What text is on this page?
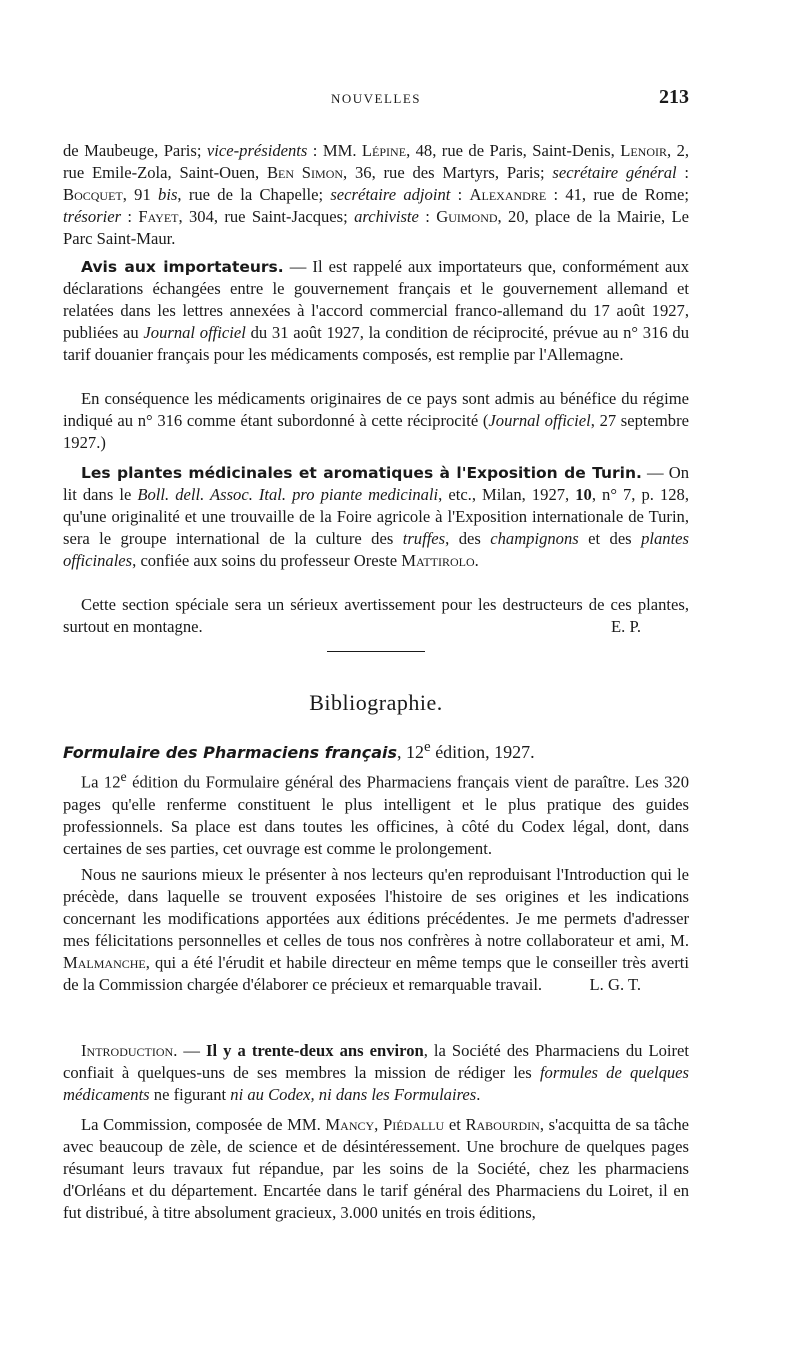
NOUVELLES	213

de Maubeuge, Paris; vice-présidents : MM. Lépine, 48, rue de Paris, Saint-Denis, Lenoir, 2, rue Emile-Zola, Saint-Ouen, Ben Simon, 36, rue des Martyrs, Paris; secrétaire général : Bocquet, 91 bis, rue de la Chapelle; secrétaire adjoint : Alexandre : 41, rue de Rome; trésorier : Fayet, 304, rue Saint-Jacques; archiviste : Guimond, 20, place de la Mairie, Le Parc Saint-Maur.

Avis aux importateurs. — Il est rappelé aux importateurs que, conformément aux déclarations échangées entre le gouvernement français et le gouvernement allemand et relatées dans les lettres annexées à l'accord commercial franco-allemand du 17 août 1927, publiées au Journal officiel du 31 août 1927, la condition de réciprocité, prévue au n° 316 du tarif douanier français pour les médicaments composés, est remplie par l'Allemagne.

En conséquence les médicaments originaires de ce pays sont admis au bénéfice du régime indiqué au n° 316 comme étant subordonné à cette réciprocité (Journal officiel, 27 septembre 1927.)

Les plantes médicinales et aromatiques à l'Exposition de Turin. — On lit dans le Boll. dell. Assoc. Ital. pro piante medicinali, etc., Milan, 1927, 10, n° 7, p. 128, qu'une originalité et une trouvaille de la Foire agricole à l'Exposition internationale de Turin, sera le groupe international de la culture des truffes, des champignons et des plantes officinales, confiée aux soins du professeur Oreste Mattirolo.

Cette section spéciale sera un sérieux avertissement pour les destructeurs de ces plantes, surtout en montagne.	E. P.

Bibliographie.

Formulaire des Pharmaciens français, 12e édition, 1927.

La 12e édition du Formulaire général des Pharmaciens français vient de paraître. Les 320 pages qu'elle renferme constituent le plus intelligent et le plus pratique des guides professionnels. Sa place est dans toutes les officines, à côté du Codex légal, dont, dans certaines de ses parties, cet ouvrage est comme le prolongement.

Nous ne saurions mieux le présenter à nos lecteurs qu'en reproduisant l'Introduction qui le précède, dans laquelle se trouvent exposées l'histoire de ses origines et les indications concernant les modifications apportées aux éditions précédentes. Je me permets d'adresser mes félicitations personnelles et celles de tous nos confrères à notre collaborateur et ami, M. Malmanche, qui a été l'érudit et habile directeur en même temps que le conseiller très averti de la Commission chargée d'élaborer ce précieux et remarquable travail.	L. G. T.

Introduction. — Il y a trente-deux ans environ, la Société des Pharmaciens du Loiret confiait à quelques-uns de ses membres la mission de rédiger les formules de quelques médicaments ne figurant ni au Codex, ni dans les Formulaires.

La Commission, composée de MM. Mancy, Piédallu et Rabourdin, s'acquitta de sa tâche avec beaucoup de zèle, de science et de désintéressement. Une brochure de quelques pages résumant leurs travaux fut répandue, par les soins de la Société, chez les pharmaciens d'Orléans et du département. Encartée dans le tarif général des Pharmaciens du Loiret, il en fut distribué, à titre absolument gracieux, 3.000 unités en trois éditions,
